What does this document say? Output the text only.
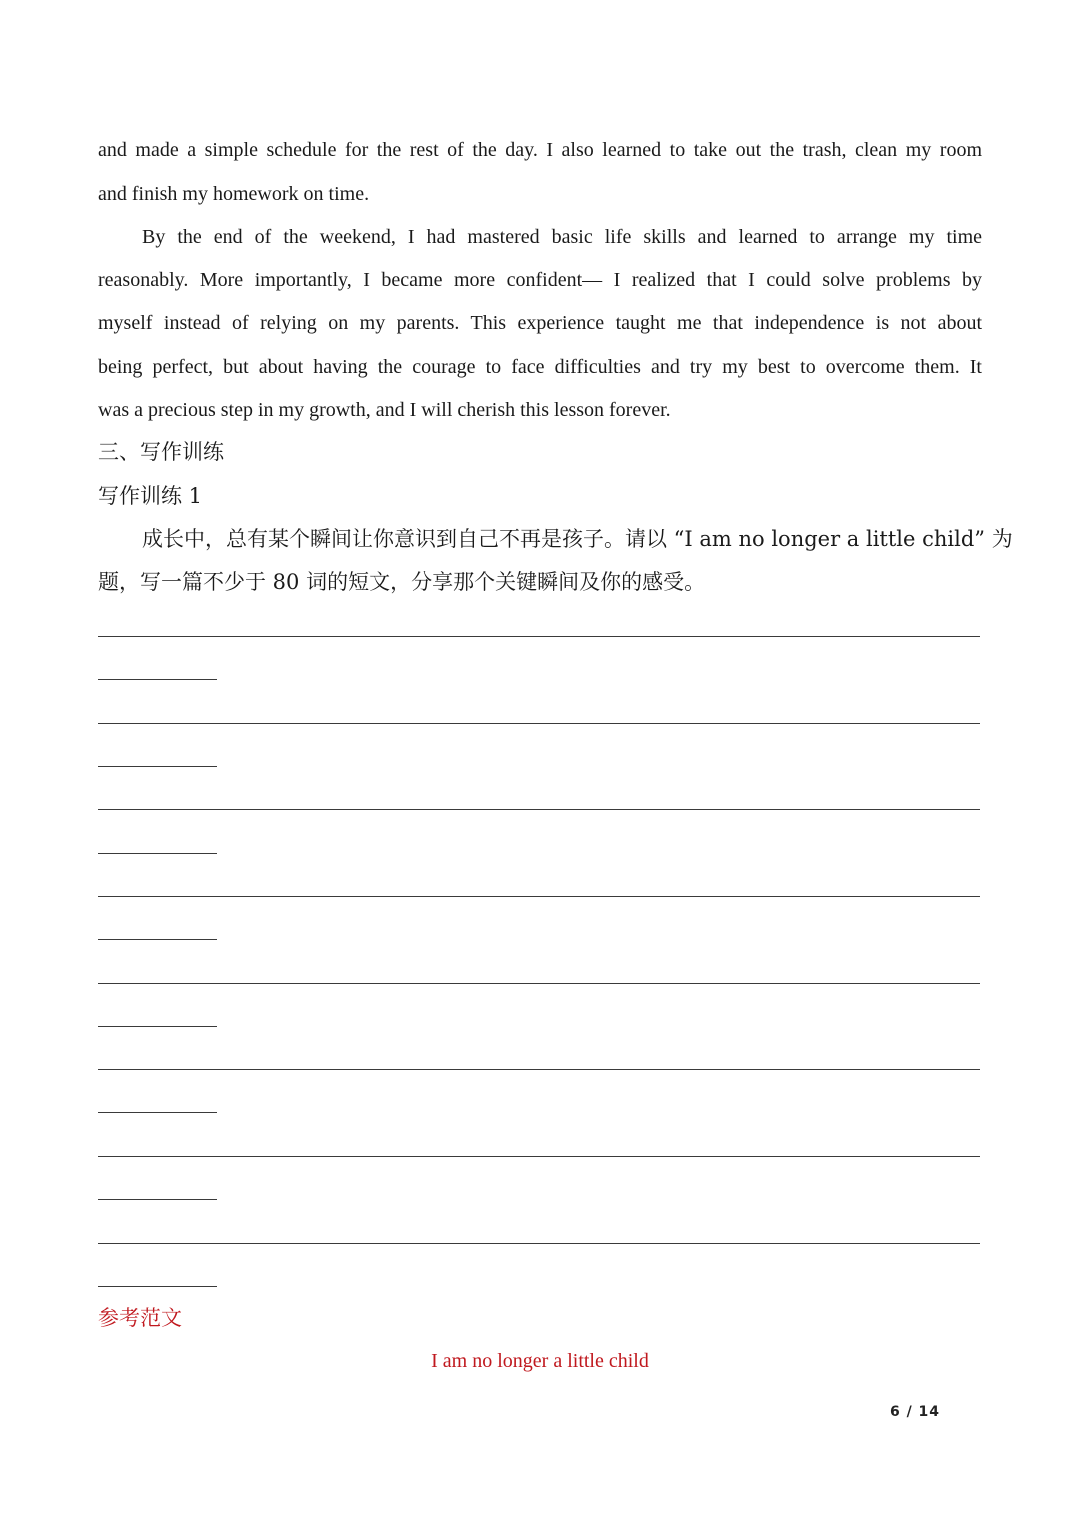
and made a simple schedule for the rest of the day. I also learned to take out the trash, clean my room
and finish my homework on time.
By the end of the weekend, I had mastered basic life skills and learned to arrange my time
reasonably. More importantly, I became more confident— I realized that I could solve problems by
myself instead of relying on my parents. This experience taught me that independence is not about
being perfect, but about having the courage to face difficulties and try my best to overcome them. It
was a precious step in my growth, and I will cherish this lesson forever.
三、写作训练
写作训练 1
成长中，总有某个瞬间让你意识到自己不再是孩子。请以 “I am no longer a little child” 为
题，写一篇不少于 80 词的短文，分享那个关键瞬间及你的感受。
参考范文
I am no longer a little child
6 / 14
